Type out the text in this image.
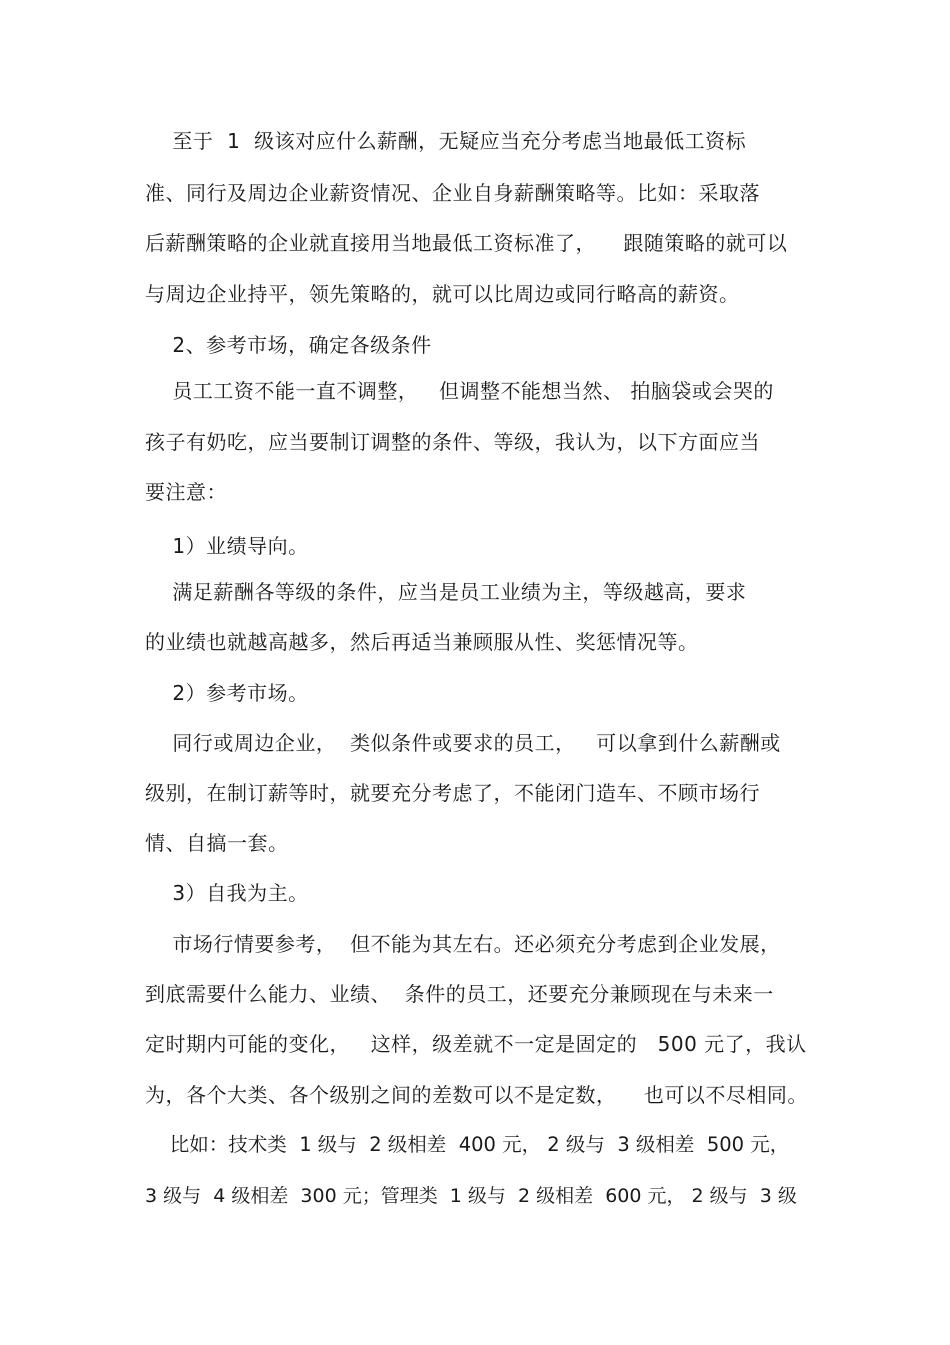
至于  1  级该对应什么薪酬，无疑应当充分考虑当地最低工资标
准、同行及周边企业薪资情况、企业自身薪酬策略等。比如：采取落
后薪酬策略的企业就直接用当地最低工资标准了，    跟随策略的就可以
与周边企业持平，领先策略的，就可以比周边或同行略高的薪资。
2、参考市场，确定各级条件
员工工资不能一直不调整，   但调整不能想当然、 拍脑袋或会哭的
孩子有奶吃，应当要制订调整的条件、等级，我认为，以下方面应当
要注意：
1）业绩导向。
满足薪酬各等级的条件，应当是员工业绩为主，等级越高，要求
的业绩也就越高越多，然后再适当兼顾服从性、奖惩情况等。
2）参考市场。
同行或周边企业，  类似条件或要求的员工，   可以拿到什么薪酬或
级别，在制订薪等时，就要充分考虑了，不能闭门造车、不顾市场行
情、自搞一套。
3）自我为主。
市场行情要参考，  但不能为其左右。还必须充分考虑到企业发展，
到底需要什么能力、业绩、  条件的员工，还要充分兼顾现在与未来一
定时期内可能的变化，   这样，级差就不一定是固定的   500 元了，我认
为，各个大类、各个级别之间的差数可以不是定数，    也可以不尽相同。
比如：技术类  1 级与  2 级相差  400 元， 2 级与  3 级相差  500 元，
3 级与  4 级相差  300 元；管理类  1 级与  2 级相差  600 元， 2 级与  3 级
